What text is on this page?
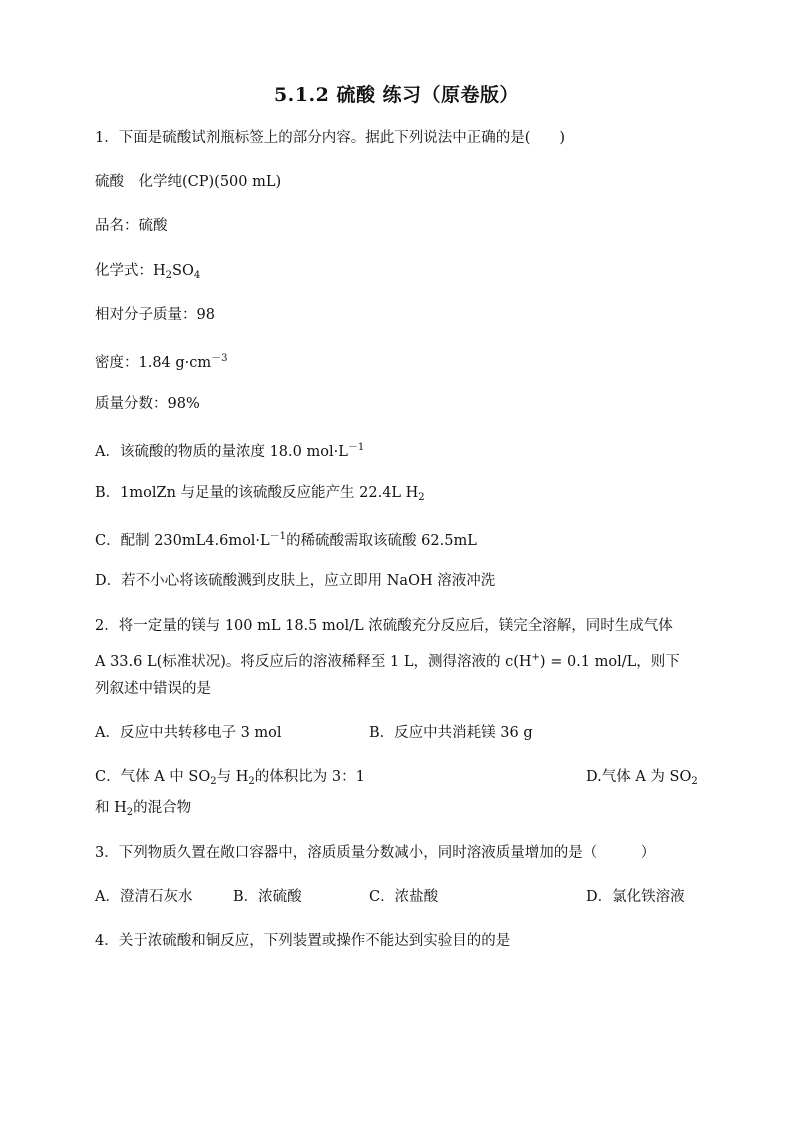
5.1.2 硫酸 练习（原卷版）
1．下面是硫酸试剂瓶标签上的部分内容。据此下列说法中正确的是(　　)
硫酸　化学纯(CP)(500 mL)
品名：硫酸
化学式：$H_2SO_4$
相对分子质量：98
密度：1.84 $g\cdot cm^{-3}$
质量分数：98%
A．该硫酸的物质的量浓度 18.0 $mol\cdot L^{-1}$
B．1molZn 与足量的该硫酸反应能产生 22.4L $H_2$
C．配制 $230mL4.6mol\cdot L^{-1}$的稀硫酸需取该硫酸 62.5mL
D．若不小心将该硫酸溅到皮肤上，应立即用 NaOH 溶液冲洗
2．将一定量的镁与 100 mL 18.5 mol/L 浓硫酸充分反应后，镁完全溶解，同时生成气体
A 33.6 L(标准状况)。将反应后的溶液稀释至 1 L，测得溶液的 c(H+) = 0.1 mol/L，则下
列叙述中错误的是
A．反应中共转移电子 3 mol	B．反应中共消耗镁 36 g
C．气体 A 中 $SO_2$与 $H_2$的体积比为 3：1	D.气体 A 为 $SO_2$
和 $H_2$的混合物
3．下列物质久置在敞口容器中，溶质质量分数减小，同时溶液质量增加的是（　　　）
A．澄清石灰水	B．浓硫酸	C．浓盐酸	D．氯化铁溶液
4．关于浓硫酸和铜反应，下列装置或操作不能达到实验目的的是
